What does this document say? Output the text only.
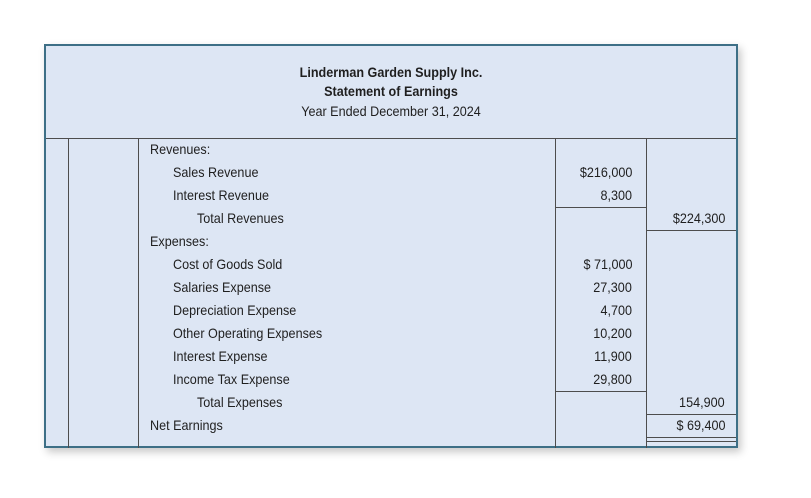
Linderman Garden Supply Inc.
Statement of Earnings
Year Ended December 31, 2024
Revenues:
Sales Revenue	$216,000
Interest Revenue	8,300
Total Revenues	$224,300
Expenses:
Cost of Goods Sold	$ 71,000
Salaries Expense	27,300
Depreciation Expense	4,700
Other Operating Expenses	10,200
Interest Expense	11,900
Income Tax Expense	29,800
Total Expenses	154,900
Net Earnings	$ 69,400
